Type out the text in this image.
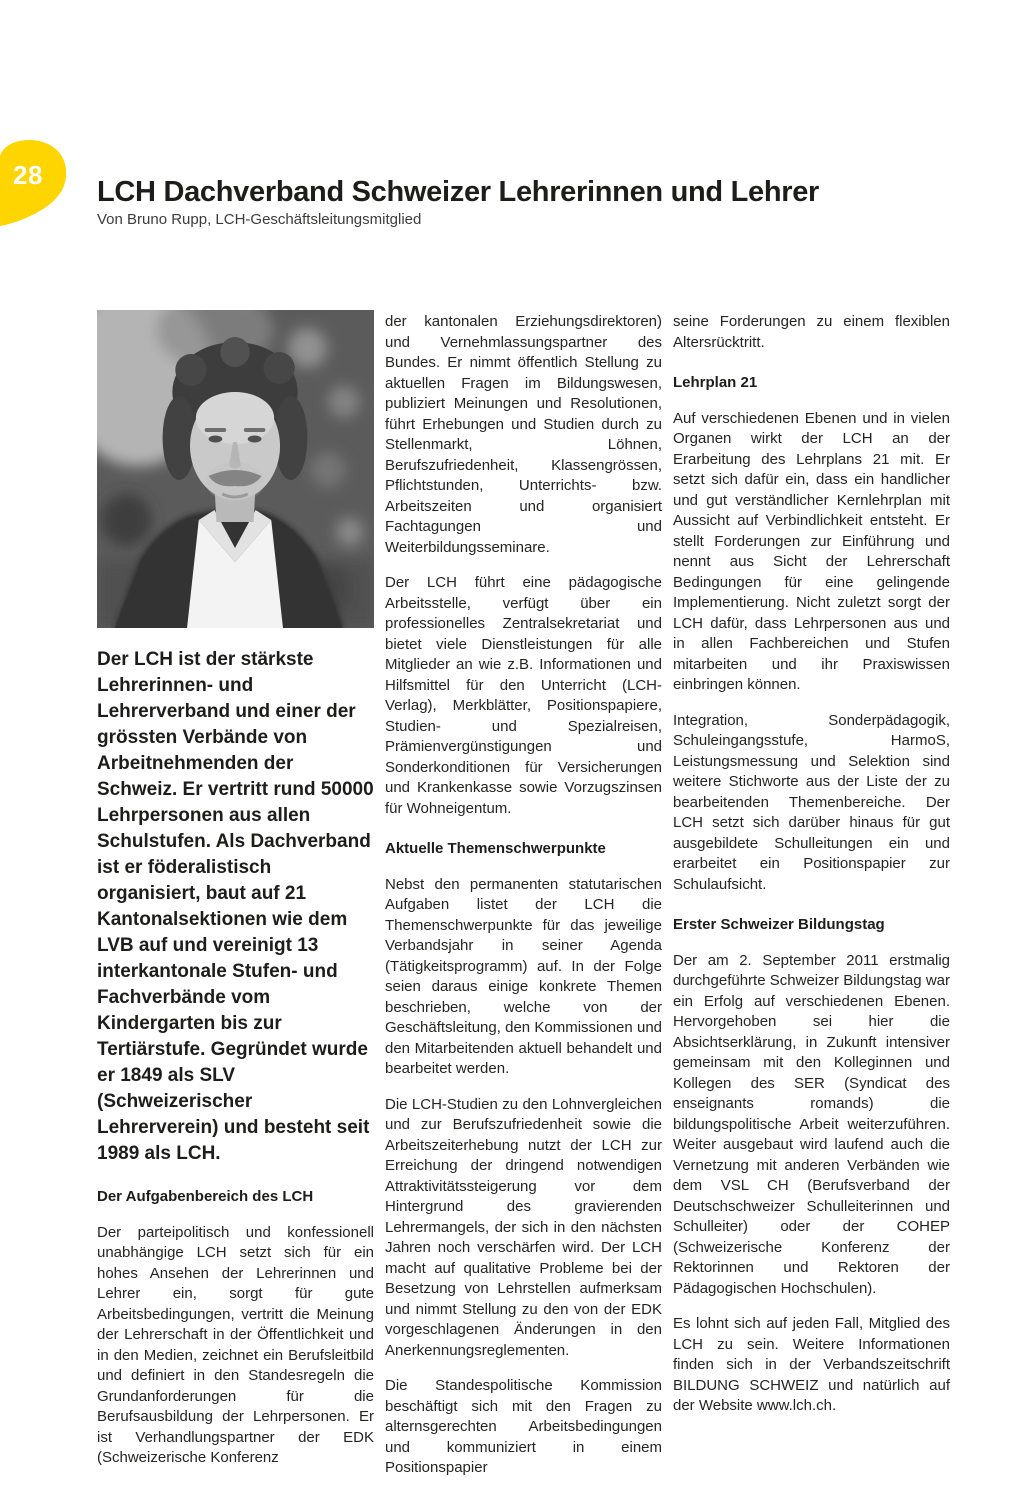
28
LCH Dachverband Schweizer Lehrerinnen und Lehrer
Von Bruno Rupp, LCH-Geschäftsleitungsmitglied

Der LCH ist der stärkste Lehrerinnen- und Lehrerverband und einer der grössten Verbände von Arbeitnehmenden der Schweiz. Er vertritt rund 50000 Lehrpersonen aus allen Schulstufen. Als Dachverband ist er föderalistisch organisiert, baut auf 21 Kantonalsektionen wie dem LVB auf und vereinigt 13 interkantonale Stufen- und Fachverbände vom Kindergarten bis zur Tertiärstufe. Gegründet wurde er 1849 als SLV (Schweizerischer Lehrerverein) und besteht seit 1989 als LCH.

Der Aufgabenbereich des LCH

Der parteipolitisch und konfessionell unabhängige LCH setzt sich für ein hohes Ansehen der Lehrerinnen und Lehrer ein, sorgt für gute Arbeitsbedingungen, vertritt die Meinung der Lehrerschaft in der Öffentlichkeit und in den Medien, zeichnet ein Berufsleitbild und definiert in den Standesregeln die Grundanforderungen für die Berufsausbildung der Lehrpersonen. Er ist Verhandlungspartner der EDK (Schweizerische Konferenz

der kantonalen Erziehungsdirektoren) und Vernehmlassungspartner des Bundes. Er nimmt öffentlich Stellung zu aktuellen Fragen im Bildungswesen, publiziert Meinungen und Resolutionen, führt Erhebungen und Studien durch zu Stellenmarkt, Löhnen, Berufszufriedenheit, Klassengrössen, Pflichtstunden, Unterrichts- bzw. Arbeitszeiten und organisiert Fachtagungen und Weiterbildungsseminare.

Der LCH führt eine pädagogische Arbeitsstelle, verfügt über ein professionelles Zentralsekretariat und bietet viele Dienstleistungen für alle Mitglieder an wie z.B. Informationen und Hilfsmittel für den Unterricht (LCH-Verlag), Merkblätter, Positionspapiere, Studien- und Spezialreisen, Prämienvergünstigungen und Sonderkonditionen für Versicherungen und Krankenkasse sowie Vorzugszinsen für Wohneigentum.

Aktuelle Themenschwerpunkte

Nebst den permanenten statutarischen Aufgaben listet der LCH die Themenschwerpunkte für das jeweilige Verbandsjahr in seiner Agenda (Tätigkeitsprogramm) auf. In der Folge seien daraus einige konkrete Themen beschrieben, welche von der Geschäftsleitung, den Kommissionen und den Mitarbeitenden aktuell behandelt und bearbeitet werden.

Die LCH-Studien zu den Lohnvergleichen und zur Berufszufriedenheit sowie die Arbeitszeiterhebung nutzt der LCH zur Erreichung der dringend notwendigen Attraktivitätssteigerung vor dem Hintergrund des gravierenden Lehrermangels, der sich in den nächsten Jahren noch verschärfen wird. Der LCH macht auf qualitative Probleme bei der Besetzung von Lehrstellen aufmerksam und nimmt Stellung zu den von der EDK vorgeschlagenen Änderungen in den Anerkennungsreglementen.

Die Standespolitische Kommission beschäftigt sich mit den Fragen zu alternsgerechten Arbeitsbedingungen und kommuniziert in einem Positionspapier

seine Forderungen zu einem flexiblen Altersrücktritt.

Lehrplan 21

Auf verschiedenen Ebenen und in vielen Organen wirkt der LCH an der Erarbeitung des Lehrplans 21 mit. Er setzt sich dafür ein, dass ein handlicher und gut verständlicher Kernlehrplan mit Aussicht auf Verbindlichkeit entsteht. Er stellt Forderungen zur Einführung und nennt aus Sicht der Lehrerschaft Bedingungen für eine gelingende Implementierung. Nicht zuletzt sorgt der LCH dafür, dass Lehrpersonen aus und in allen Fachbereichen und Stufen mitarbeiten und ihr Praxiswissen einbringen können.

Integration, Sonderpädagogik, Schuleingangsstufe, HarmoS, Leistungsmessung und Selektion sind weitere Stichworte aus der Liste der zu bearbeitenden Themenbereiche. Der LCH setzt sich darüber hinaus für gut ausgebildete Schulleitungen ein und erarbeitet ein Positionspapier zur Schulaufsicht.

Erster Schweizer Bildungstag

Der am 2. September 2011 erstmalig durchgeführte Schweizer Bildungstag war ein Erfolg auf verschiedenen Ebenen. Hervorgehoben sei hier die Absichtserklärung, in Zukunft intensiver gemeinsam mit den Kolleginnen und Kollegen des SER (Syndicat des enseignants romands) die bildungspolitische Arbeit weiterzuführen. Weiter ausgebaut wird laufend auch die Vernetzung mit anderen Verbänden wie dem VSL CH (Berufsverband der Deutschschweizer Schulleiterinnen und Schulleiter) oder der COHEP (Schweizerische Konferenz der Rektorinnen und Rektoren der Pädagogischen Hochschulen).

Es lohnt sich auf jeden Fall, Mitglied des LCH zu sein. Weitere Informationen finden sich in der Verbandszeitschrift BILDUNG SCHWEIZ und natürlich auf der Website www.lch.ch.
